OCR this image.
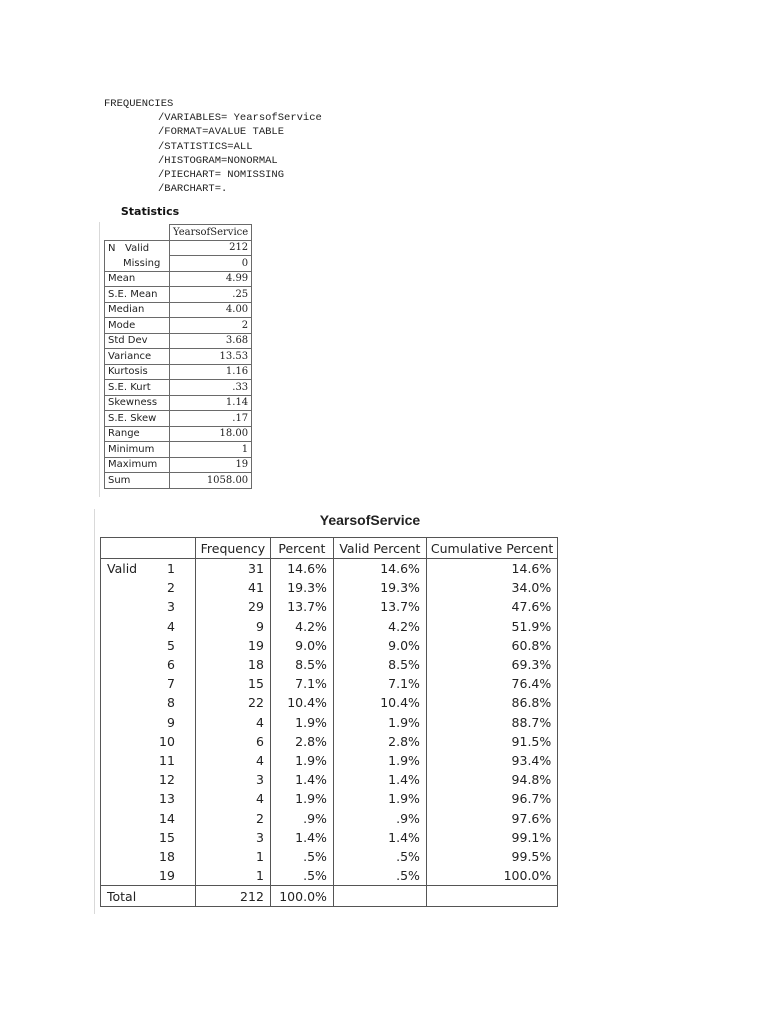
FREQUENCIES
/VARIABLES= YearsofService
/FORMAT=AVALUE TABLE
/STATISTICS=ALL
/HISTOGRAM=NONORMAL
/PIECHART= NOMISSING
/BARCHART=.
Statistics
	YearsofService
N Valid	212
Missing	0
Mean	4.99
S.E. Mean	.25
Median	4.00
Mode	2
Std Dev	3.68
Variance	13.53
Kurtosis	1.16
S.E. Kurt	.33
Skewness	1.14
S.E. Skew	.17
Range	18.00
Minimum	1
Maximum	19
Sum	1058.00
YearsofService
		Frequency	Percent	Valid Percent	Cumulative Percent
Valid	1	31	14.6%	14.6%	14.6%
	2	41	19.3%	19.3%	34.0%
	3	29	13.7%	13.7%	47.6%
	4	9	4.2%	4.2%	51.9%
	5	19	9.0%	9.0%	60.8%
	6	18	8.5%	8.5%	69.3%
	7	15	7.1%	7.1%	76.4%
	8	22	10.4%	10.4%	86.8%
	9	4	1.9%	1.9%	88.7%
	10	6	2.8%	2.8%	91.5%
	11	4	1.9%	1.9%	93.4%
	12	3	1.4%	1.4%	94.8%
	13	4	1.9%	1.9%	96.7%
	14	2	.9%	.9%	97.6%
	15	3	1.4%	1.4%	99.1%
	18	1	.5%	.5%	99.5%
	19	1	.5%	.5%	100.0%
Total		212	100.0%		
